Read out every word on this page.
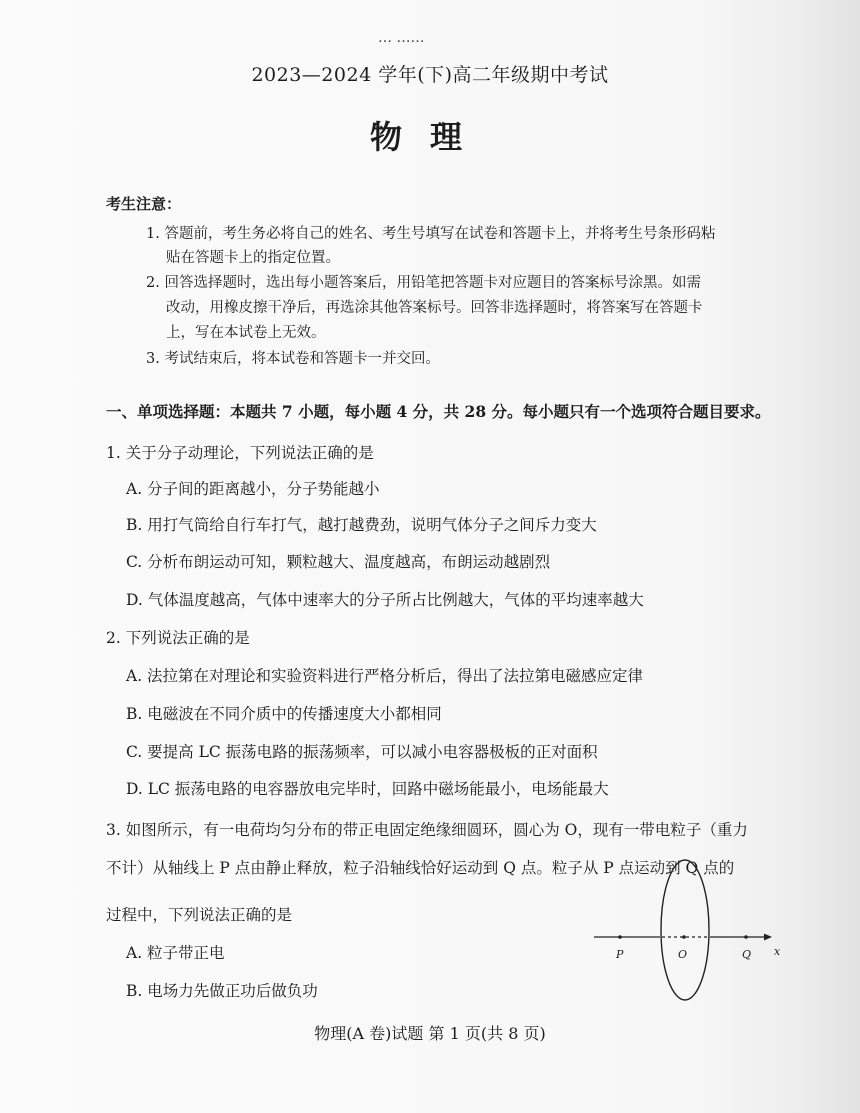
… ……
2023—2024 学年(下)高二年级期中考试
物理
考生注意：
1. 答题前，考生务必将自己的姓名、考生号填写在试卷和答题卡上，并将考生号条形码粘
贴在答题卡上的指定位置。
2. 回答选择题时，选出每小题答案后，用铅笔把答题卡对应题目的答案标号涂黑。如需
改动，用橡皮擦干净后，再选涂其他答案标号。回答非选择题时，将答案写在答题卡
上，写在本试卷上无效。
3. 考试结束后，将本试卷和答题卡一并交回。
一、单项选择题：本题共 7 小题，每小题 4 分，共 28 分。每小题只有一个选项符合题目要求。
1. 关于分子动理论，下列说法正确的是
A. 分子间的距离越小，分子势能越小
B. 用打气筒给自行车打气，越打越费劲，说明气体分子之间斥力变大
C. 分析布朗运动可知，颗粒越大、温度越高，布朗运动越剧烈
D. 气体温度越高，气体中速率大的分子所占比例越大，气体的平均速率越大
2. 下列说法正确的是
A. 法拉第在对理论和实验资料进行严格分析后，得出了法拉第电磁感应定律
B. 电磁波在不同介质中的传播速度大小都相同
C. 要提高 LC 振荡电路的振荡频率，可以减小电容器极板的正对面积
D. LC 振荡电路的电容器放电完毕时，回路中磁场能最小，电场能最大
3. 如图所示，有一电荷均匀分布的带正电固定绝缘细圆环，圆心为 O，现有一带电粒子（重力
不计）从轴线上 P 点由静止释放，粒子沿轴线恰好运动到 Q 点。粒子从 P 点运动到 Q 点的
过程中，下列说法正确的是
A. 粒子带正电
B. 电场力先做正功后做负功
P	O	Q x
物理(A 卷)试题 第 1 页(共 8 页)
